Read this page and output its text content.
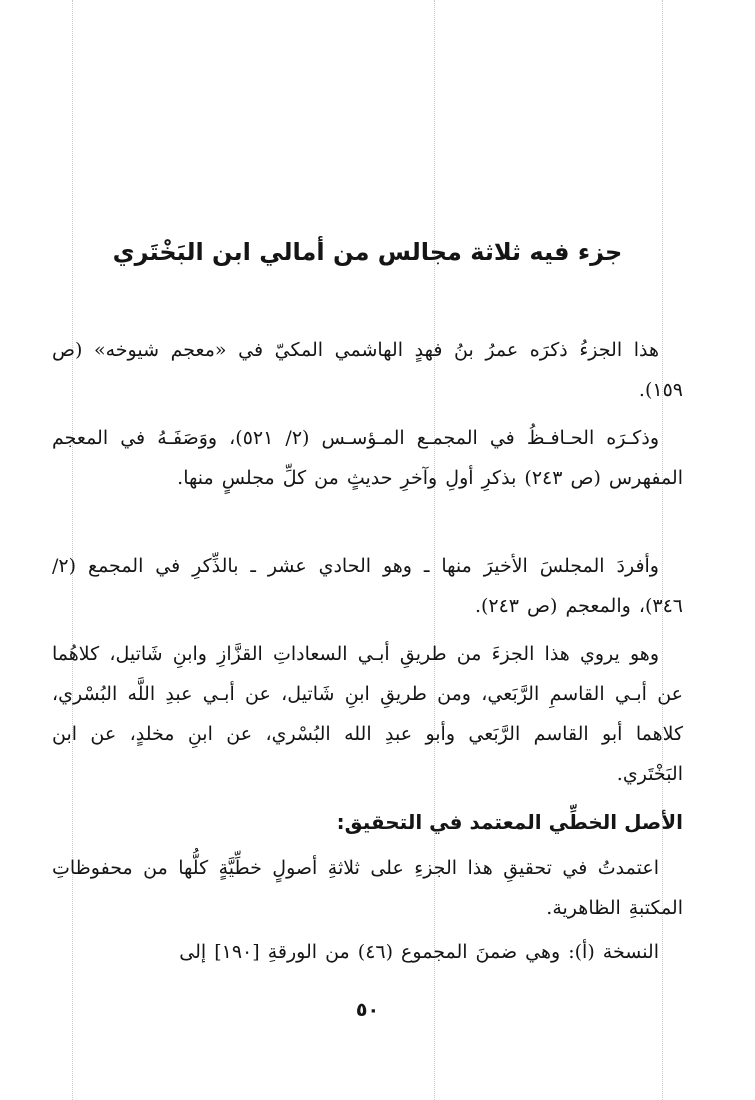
جزء فيه ثلاثة مجالس من أمالي ابن البَخْتَري

هذا الجزءُ ذكرَه عمرُ بنُ فهدٍ الهاشمي المكيّ في «معجم شيوخه» (ص ١٥٩).

وذكـرَه الحـافـظُ في المجمـع المـؤسـس (٢/ ٥٢١)، ووَصَفَـهُ في المعجم المفهرس (ص ٢٤٣) بذكرِ أولِ وآخرِ حديثٍ من كلِّ مجلسٍ منها.

وأفردَ المجلسَ الأخيرَ منها ـ وهو الحادي عشر ـ بالذِّكرِ في المجمع (٢/ ٣٤٦)، والمعجم (ص ٢٤٣).

وهو يروي هذا الجزءَ من طريقِ أبـي السعاداتِ القزَّازِ وابنِ شَاتيل، كلاهُما عن أبـي القاسمِ الرَّبَعي، ومن طريقِ ابنِ شَاتيل، عن أبـي عبدِ اللَّه البُسْري، كلاهما أبو القاسم الرَّبَعي وأبو عبدِ الله البُسْري، عن ابنِ مخلدٍ، عن ابن البَخْتَري.

الأصل الخطِّي المعتمد في التحقيق:

اعتمدتُ في تحقيقِ هذا الجزءِ على ثلاثةِ أصولٍ خطِّيَّةٍ كلُّها من محفوظاتِ المكتبةِ الظاهرية.

النسخة (أ): وهي ضمنَ المجموع (٤٦) من الورقةِ [١٩٠] إلى

٥٠
